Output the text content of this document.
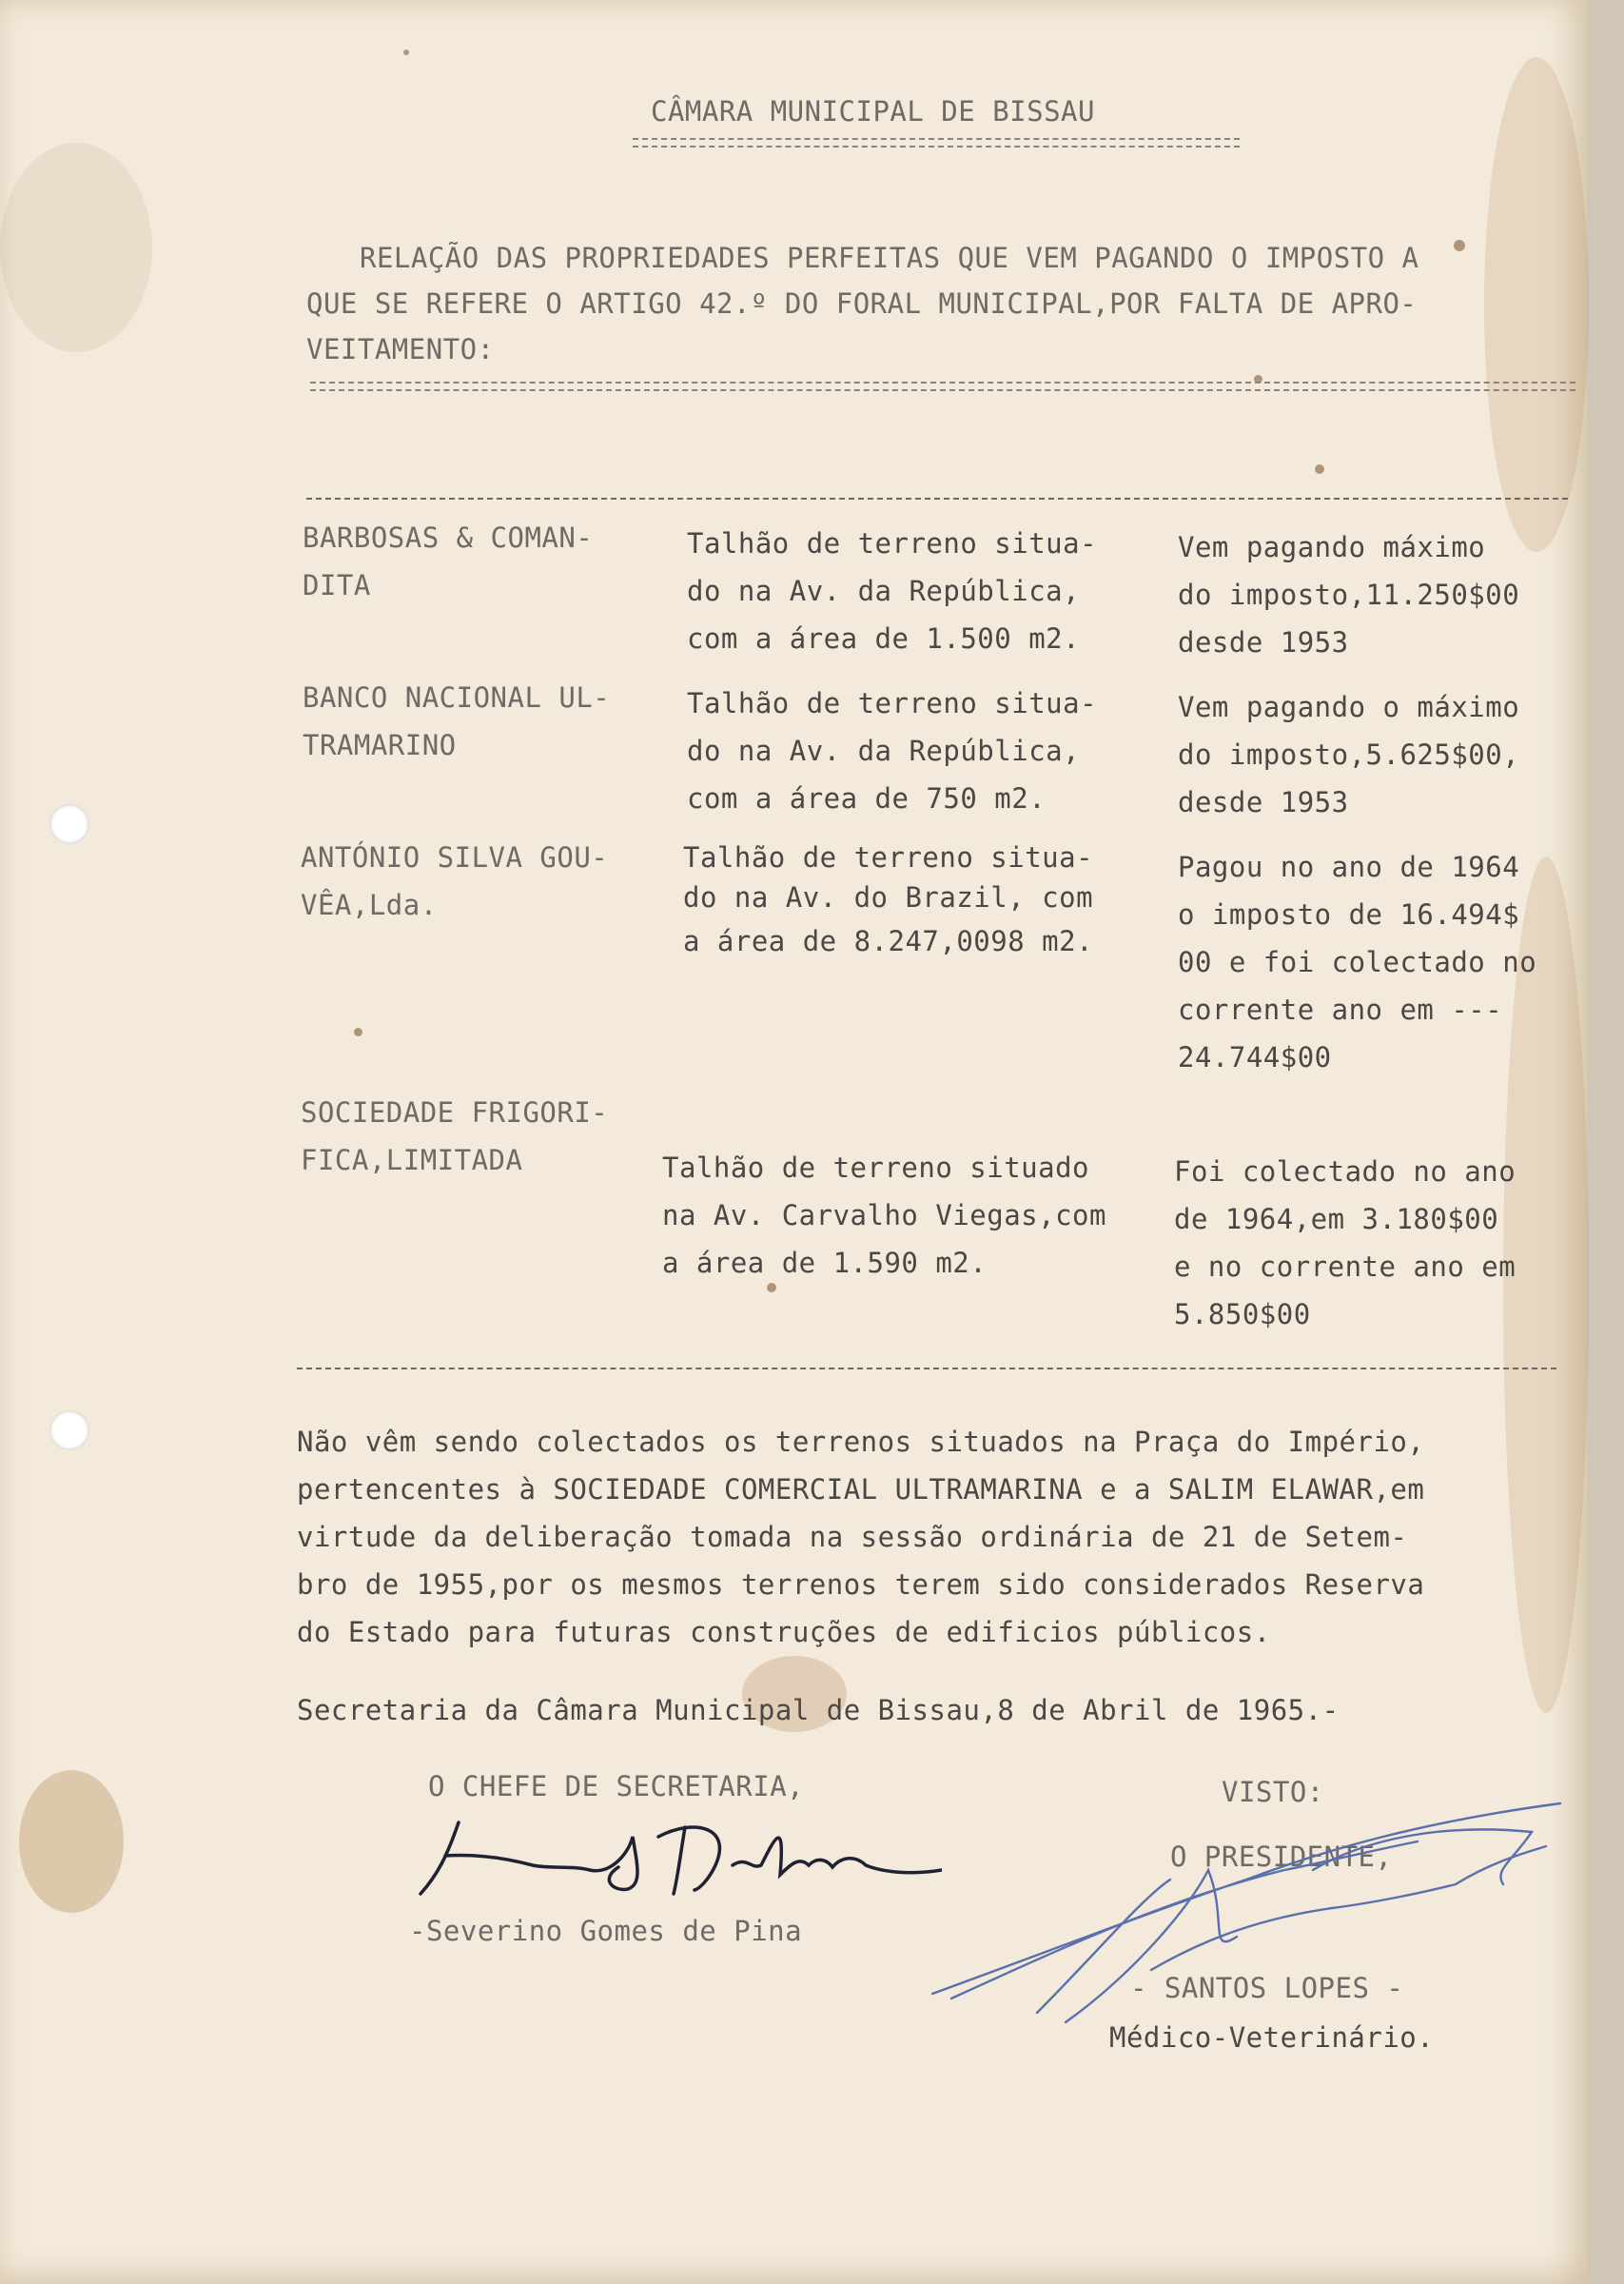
CÂMARA MUNICIPAL DE BISSAU
RELAÇÃO DAS PROPRIEDADES PERFEITAS QUE VEM PAGANDO O IMPOSTO A
QUE SE REFERE O ARTIGO 42.º DO FORAL MUNICIPAL,POR FALTA DE APRO-
VEITAMENTO:
BARBOSAS & COMAN-
DITA
Talhão de terreno situa-
do na Av. da República,
com a área de 1.500 m2.
Vem pagando máximo
do imposto,11.250$00
desde 1953
BANCO NACIONAL UL-
TRAMARINO
Talhão de terreno situa-
do na Av. da República,
com a área de 750 m2.
Vem pagando o máximo
do imposto,5.625$00,
desde 1953
ANTÓNIO SILVA GOU-
VÊA,Lda.
Talhão de terreno situa-
do na Av. do Brazil, com
a área de 8.247,0098 m2.
Pagou no ano de 1964
o imposto de 16.494$
00 e foi colectado no
corrente ano em ---
24.744$00
SOCIEDADE FRIGORI-
FICA,LIMITADA	Talhão de terreno situado
na Av. Carvalho Viegas,com
a área de 1.590 m2.
Foi colectado no ano
de 1964,em 3.180$00
e no corrente ano em
5.850$00
Não vêm sendo colectados os terrenos situados na Praça do Império,
pertencentes à SOCIEDADE COMERCIAL ULTRAMARINA e a SALIM ELAWAR,em
virtude da deliberação tomada na sessão ordinária de 21 de Setem-
bro de 1955,por os mesmos terrenos terem sido considerados Reserva
do Estado para futuras construções de edificios públicos.
Secretaria da Câmara Municipal de Bissau,8 de Abril de 1965.-
O CHEFE DE SECRETARIA,
-Severino Gomes de Pina
VISTO:
O PRESIDENTE,
- SANTOS LOPES -
Médico-Veterinário.
